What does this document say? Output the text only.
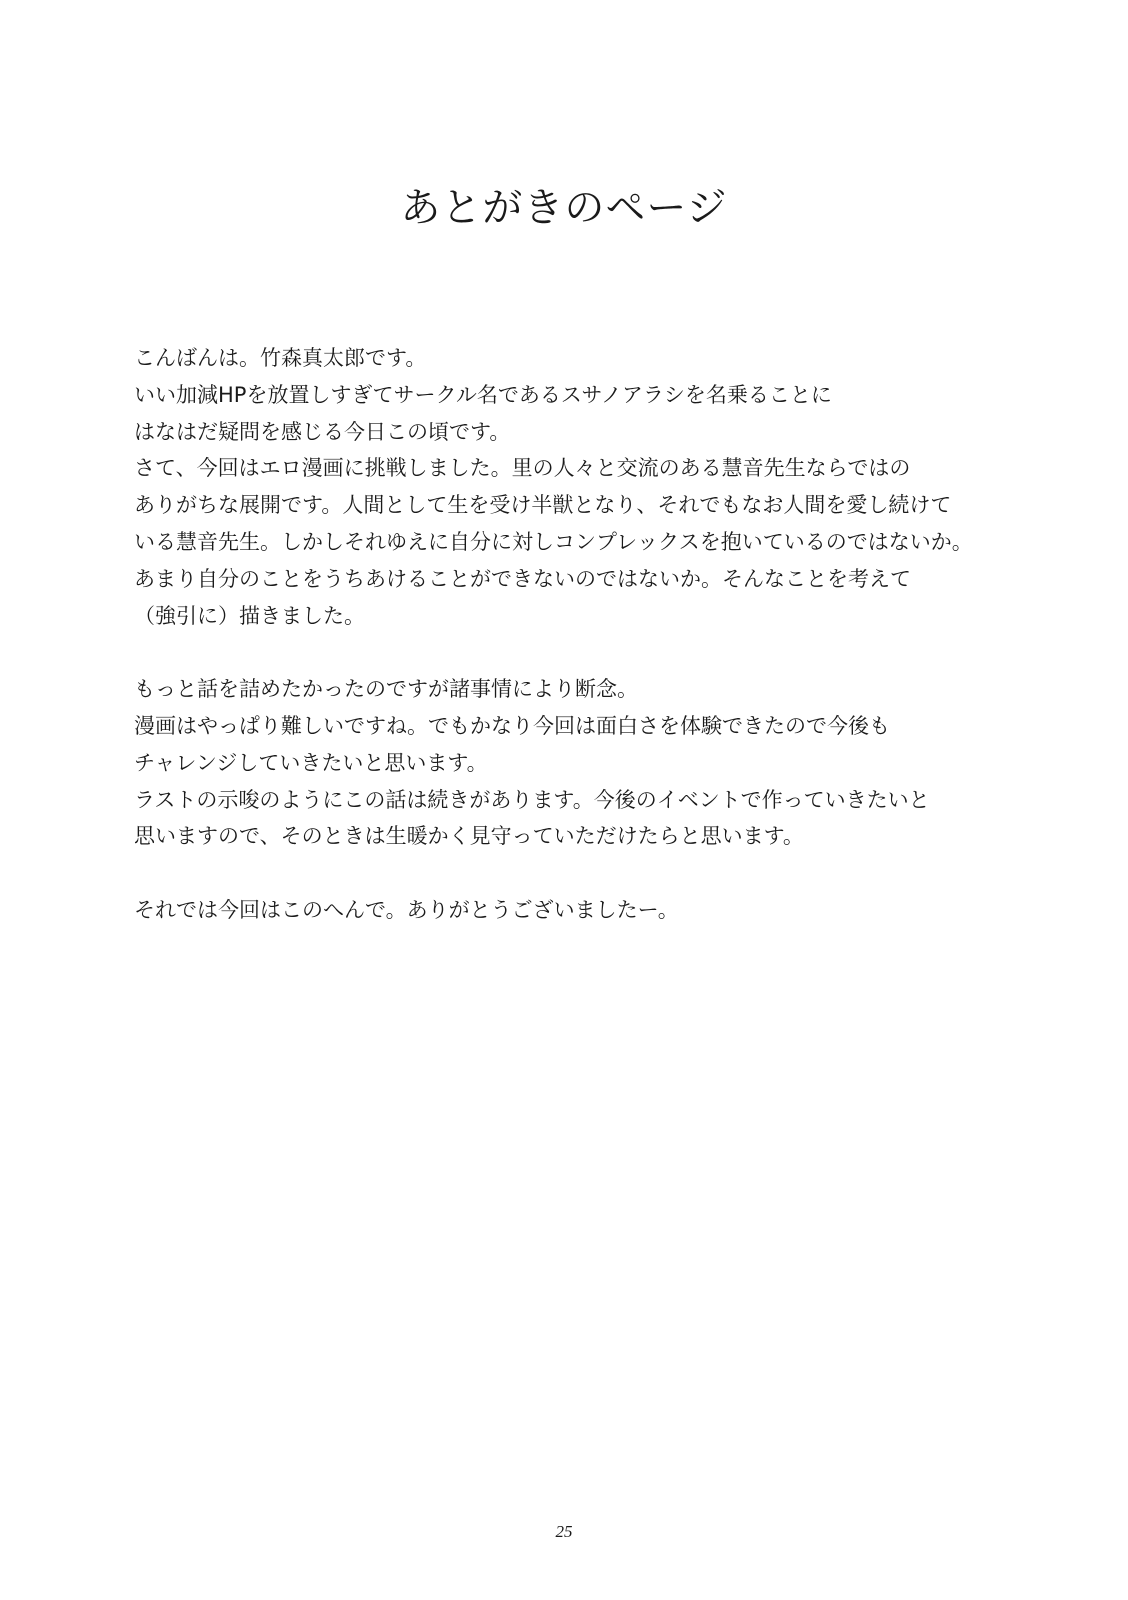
あとがきのページ
こんばんは。竹森真太郎です。
いい加減HPを放置しすぎてサークル名であるスサノアラシを名乗ることに
はなはだ疑問を感じる今日この頃です。
さて、今回はエロ漫画に挑戦しました。里の人々と交流のある慧音先生ならではの
ありがちな展開です。人間として生を受け半獣となり、それでもなお人間を愛し続けて
いる慧音先生。しかしそれゆえに自分に対しコンプレックスを抱いているのではないか。
あまり自分のことをうちあけることができないのではないか。そんなことを考えて
（強引に）描きました。
もっと話を詰めたかったのですが諸事情により断念。
漫画はやっぱり難しいですね。でもかなり今回は面白さを体験できたので今後も
チャレンジしていきたいと思います。
ラストの示唆のようにこの話は続きがあります。今後のイベントで作っていきたいと
思いますので、そのときは生暖かく見守っていただけたらと思います。
それでは今回はこのへんで。ありがとうございましたー。
25
